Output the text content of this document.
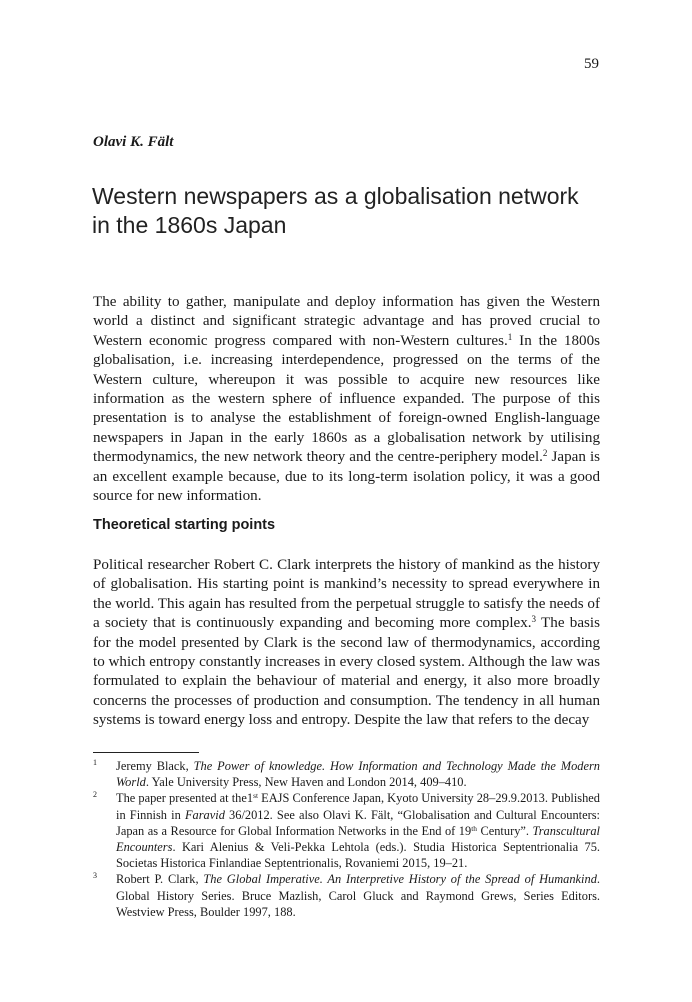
59
Olavi K. Fält
Western newspapers as a globalisation network
in the 1860s Japan

The ability to gather, manipulate and deploy information has given the Western world a distinct and significant strategic advantage and has proved crucial to Western economic progress compared with non-Western cultures.$^1$ In the 1800s globalisation, i.e. increasing interdependence, progressed on the terms of the Western culture, whereupon it was possible to acquire new resources like information as the western sphere of influence expanded. The purpose of this presentation is to analyse the establishment of foreign-owned English-language newspapers in Japan in the early 1860s as a globalisation network by utilising thermodynamics, the new network theory and the centre-periphery model.$^2$ Japan is an excellent example because, due to its long-term isolation policy, it was a good source for new information.

Theoretical starting points

Political researcher Robert C. Clark interprets the history of mankind as the history of globalisation. His starting point is mankind’s necessity to spread everywhere in the world. This again has resulted from the perpetual struggle to satisfy the needs of a society that is continuously expanding and becoming more complex.$^3$ The basis for the model presented by Clark is the second law of thermodynamics, according to which entropy constantly increases in every closed system. Although the law was formulated to explain the behaviour of material and energy, it also more broadly concerns the processes of production and consumption. The tendency in all human systems is toward energy loss and entropy. Despite the law that refers to the decay

1 Jeremy Black, The Power of knowledge. How Information and Technology Made the Modern World. Yale University Press, New Haven and London 2014, 409–410.
2 The paper presented at the1st EAJS Conference Japan, Kyoto University 28–29.9.2013. Published in Finnish in Faravid 36/2012. See also Olavi K. Fält, “Globalisation and Cultural Encounters: Japan as a Resource for Global Information Networks in the End of 19th Century”. Transcultural Encounters. Kari Alenius & Veli-Pekka Lehtola (eds.). Studia Historica Septentrionalia 75. Societas Historica Finlandiae Septentrionalis, Rovaniemi 2015, 19–21.
3 Robert P. Clark, The Global Imperative. An Interpretive History of the Spread of Humankind. Global History Series. Bruce Mazlish, Carol Gluck and Raymond Grews, Series Editors. Westview Press, Boulder 1997, 188.
